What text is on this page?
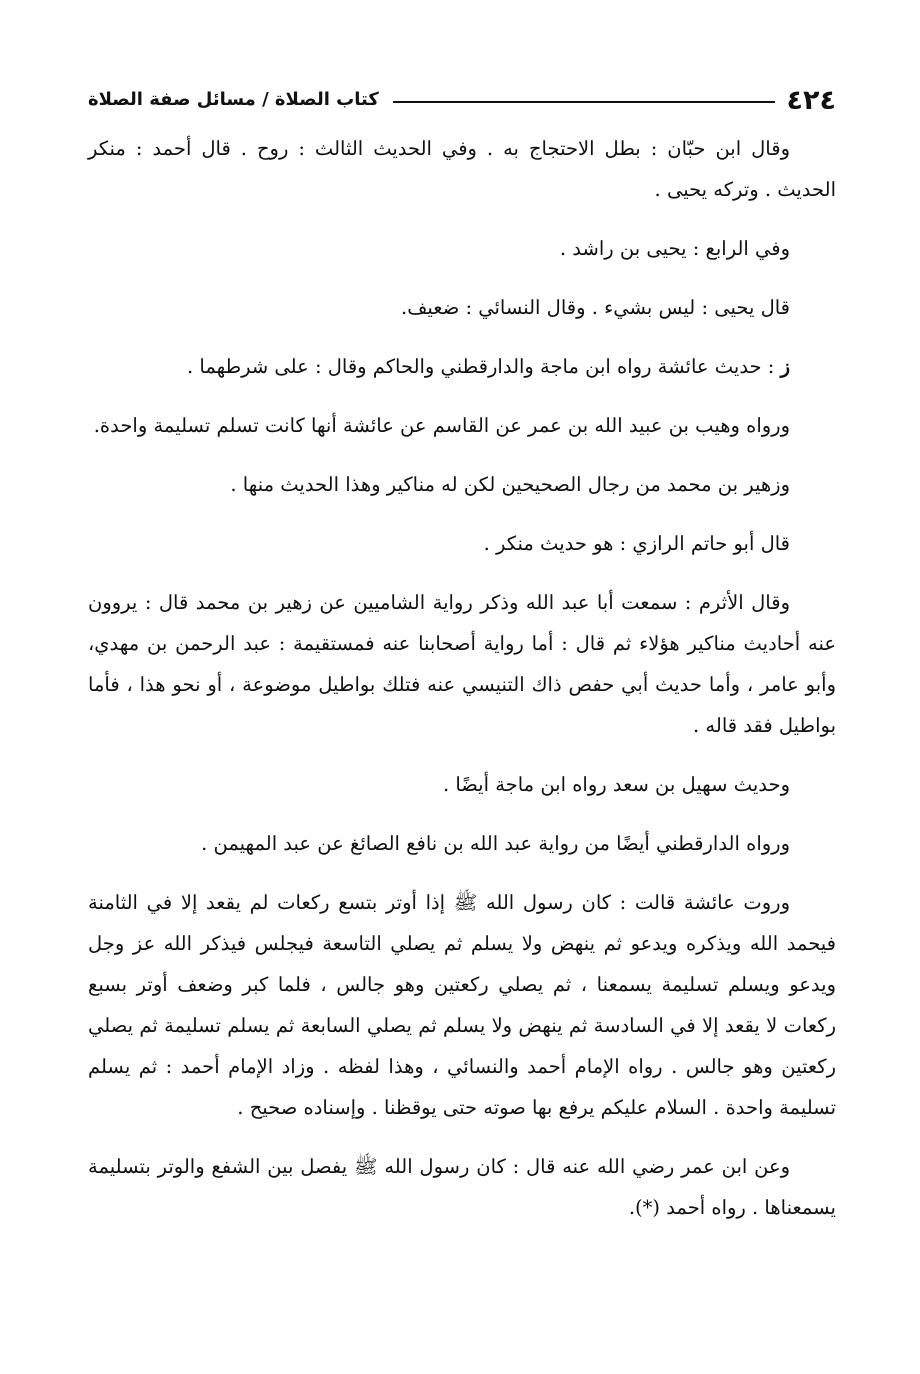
٤٢٤
كتاب الصلاة / مسائل صفة الصلاة

وقال ابن حبّان : بطل الاحتجاج به . وفي الحديث الثالث : روح . قال أحمد : منكر الحديث . وتركه يحيى .

وفي الرابع : يحيى بن راشد .

قال يحيى : ليس بشيء . وقال النسائي : ضعيف.

ز : حديث عائشة رواه ابن ماجة والدارقطني والحاكم وقال : على شرطهما .

ورواه وهيب بن عبيد الله بن عمر عن القاسم عن عائشة أنها كانت تسلم تسليمة واحدة.

وزهير بن محمد من رجال الصحيحين لكن له مناكير وهذا الحديث منها .

قال أبو حاتم الرازي : هو حديث منكر .

وقال الأثرم : سمعت أبا عبد الله وذكر رواية الشاميين عن زهير بن محمد قال : يروون عنه أحاديث مناكير هؤلاء ثم قال : أما رواية أصحابنا عنه فمستقيمة : عبد الرحمن بن مهدي، وأبو عامر ، وأما حديث أبي حفص ذاك التنيسي عنه فتلك بواطيل موضوعة ، أو نحو هذا ، فأما بواطيل فقد قاله .

وحديث سهيل بن سعد رواه ابن ماجة أيضًا .

ورواه الدارقطني أيضًا من رواية عبد الله بن نافع الصائغ عن عبد المهيمن .

وروت عائشة قالت : كان رسول الله ﷺ إذا أوتر بتسع ركعات لم يقعد إلا في الثامنة فيحمد الله ويذكره ويدعو ثم ينهض ولا يسلم ثم يصلي التاسعة فيجلس فيذكر الله عز وجل ويدعو ويسلم تسليمة يسمعنا ، ثم يصلي ركعتين وهو جالس ، فلما كبر وضعف أوتر بسبع ركعات لا يقعد إلا في السادسة ثم ينهض ولا يسلم ثم يصلي السابعة ثم يسلم تسليمة ثم يصلي ركعتين وهو جالس . رواه الإمام أحمد والنسائي ، وهذا لفظه . وزاد الإمام أحمد : ثم يسلم تسليمة واحدة . السلام عليكم يرفع بها صوته حتى يوقظنا . وإسناده صحيح .

وعن ابن عمر رضي الله عنه قال : كان رسول الله ﷺ يفصل بين الشفع والوتر بتسليمة يسمعناها . رواه أحمد (*).
